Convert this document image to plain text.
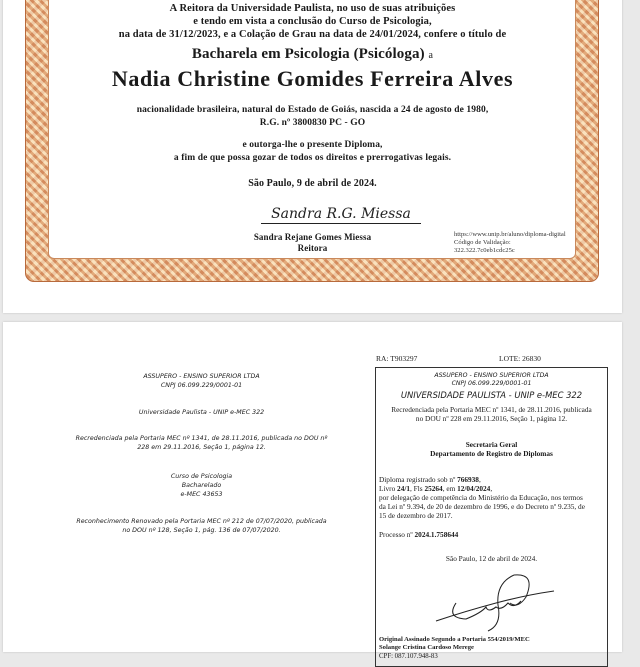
A Reitora da Universidade Paulista, no uso de suas atribuições
e tendo em vista a conclusão do Curso de Psicologia,
na data de 31/12/2023, e a Colação de Grau na data de 24/01/2024, confere o título de
Bacharela em Psicologia (Psicóloga) a
Nadia Christine Gomides Ferreira Alves
nacionalidade brasileira, natural do Estado de Goiás, nascida a 24 de agosto de 1980,
R.G. nº 3800830 PC - GO
e outorga-lhe o presente Diploma,
a fim de que possa gozar de todos os direitos e prerrogativas legais.
São Paulo, 9 de abril de 2024.
Sandra R.G. Miessa
Sandra Rejane Gomes Miessa
Reitora
https://www.unip.br/aluno/diploma-digital
Código de Validação:
322.322.7c0eb1cdc25c
ASSUPERO - ENSINO SUPERIOR LTDA
CNPJ 06.099.229/0001-01
Universidade Paulista - UNIP e-MEC 322
Recredenciada pela Portaria MEC nº 1341, de 28.11.2016, publicada no DOU nº
228 em 29.11.2016, Seção 1, página 12.
Curso de Psicologia
Bacharelado
e-MEC 43653
Reconhecimento Renovado pela Portaria MEC nº 212 de 07/07/2020, publicada
no DOU nº 128, Seção 1, pág. 136 de 07/07/2020.
RA: T903297	LOTE: 26830
ASSUPERO - ENSINO SUPERIOR LTDA
CNPJ 06.099.229/0001-01
UNIVERSIDADE PAULISTA - UNIP e-MEC 322
Recredenciada pela Portaria MEC nº 1341, de 28.11.2016, publicada
no DOU nº 228 em 29.11.2016, Seção 1, página 12.
Secretaria Geral
Departamento de Registro de Diplomas
Diploma registrado sob nº 766938,
Livro 24/1, Fls 25264, em 12/04/2024,
por delegação de competência do Ministério da Educação, nos termos
da Lei nº 9.394, de 20 de dezembro de 1996, e do Decreto nº 9.235, de
15 de dezembro de 2017.
Processo nº 2024.1.758644
São Paulo, 12 de abril de 2024.
Original Assinado Segundo a Portaria 554/2019/MEC
Solange Cristina Cardoso Merege
CPF: 087.107.948-83
